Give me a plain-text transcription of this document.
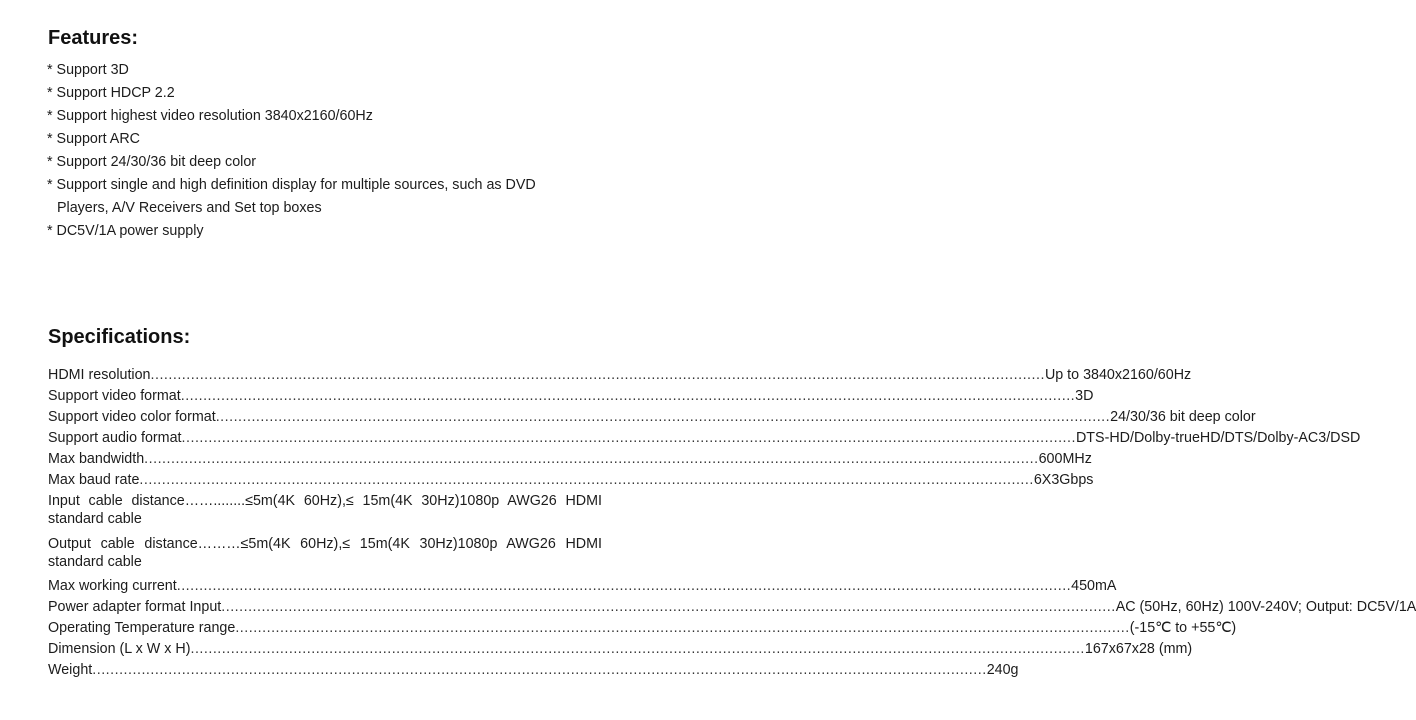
Features:
* Support 3D
* Support HDCP 2.2
* Support highest video resolution 3840x2160/60Hz
* Support ARC
* Support 24/30/36 bit deep color
* Support single and high definition display for multiple sources, such as DVD
Players, A/V Receivers and Set top boxes
* DC5V/1A power supply
Specifications:
HDMI resolution ........................................................................................................................................................................................................ Up to 3840x2160/60Hz
Support video format ........................................................................................................................................................................................................ 3D
Support video color format ........................................................................................................................................................................................................ 24/30/36 bit deep color
Support audio format ........................................................................................................................................................................................................ DTS-HD/Dolby-trueHD/DTS/Dolby-AC3/DSD
Max bandwidth ........................................................................................................................................................................................................ 600MHz
Max baud rate ........................................................................................................................................................................................................ 6X3Gbps
Input cable distance……........≤5m(4K 60Hz),≤ 15m(4K 30Hz)1080p AWG26 HDMI standard cable
Output cable distance………≤5m(4K 60Hz),≤ 15m(4K 30Hz)1080p AWG26 HDMI standard cable
Max working current ........................................................................................................................................................................................................ 450mA
Power adapter format Input ........................................................................................................................................................................................................ AC (50Hz, 60Hz) 100V-240V; Output: DC5V/1A
Operating Temperature range ........................................................................................................................................................................................................ (-15℃ to +55℃)
Dimension (L x W x H) ........................................................................................................................................................................................................ 167x67x28 (mm)
Weight ........................................................................................................................................................................................................ 240g
